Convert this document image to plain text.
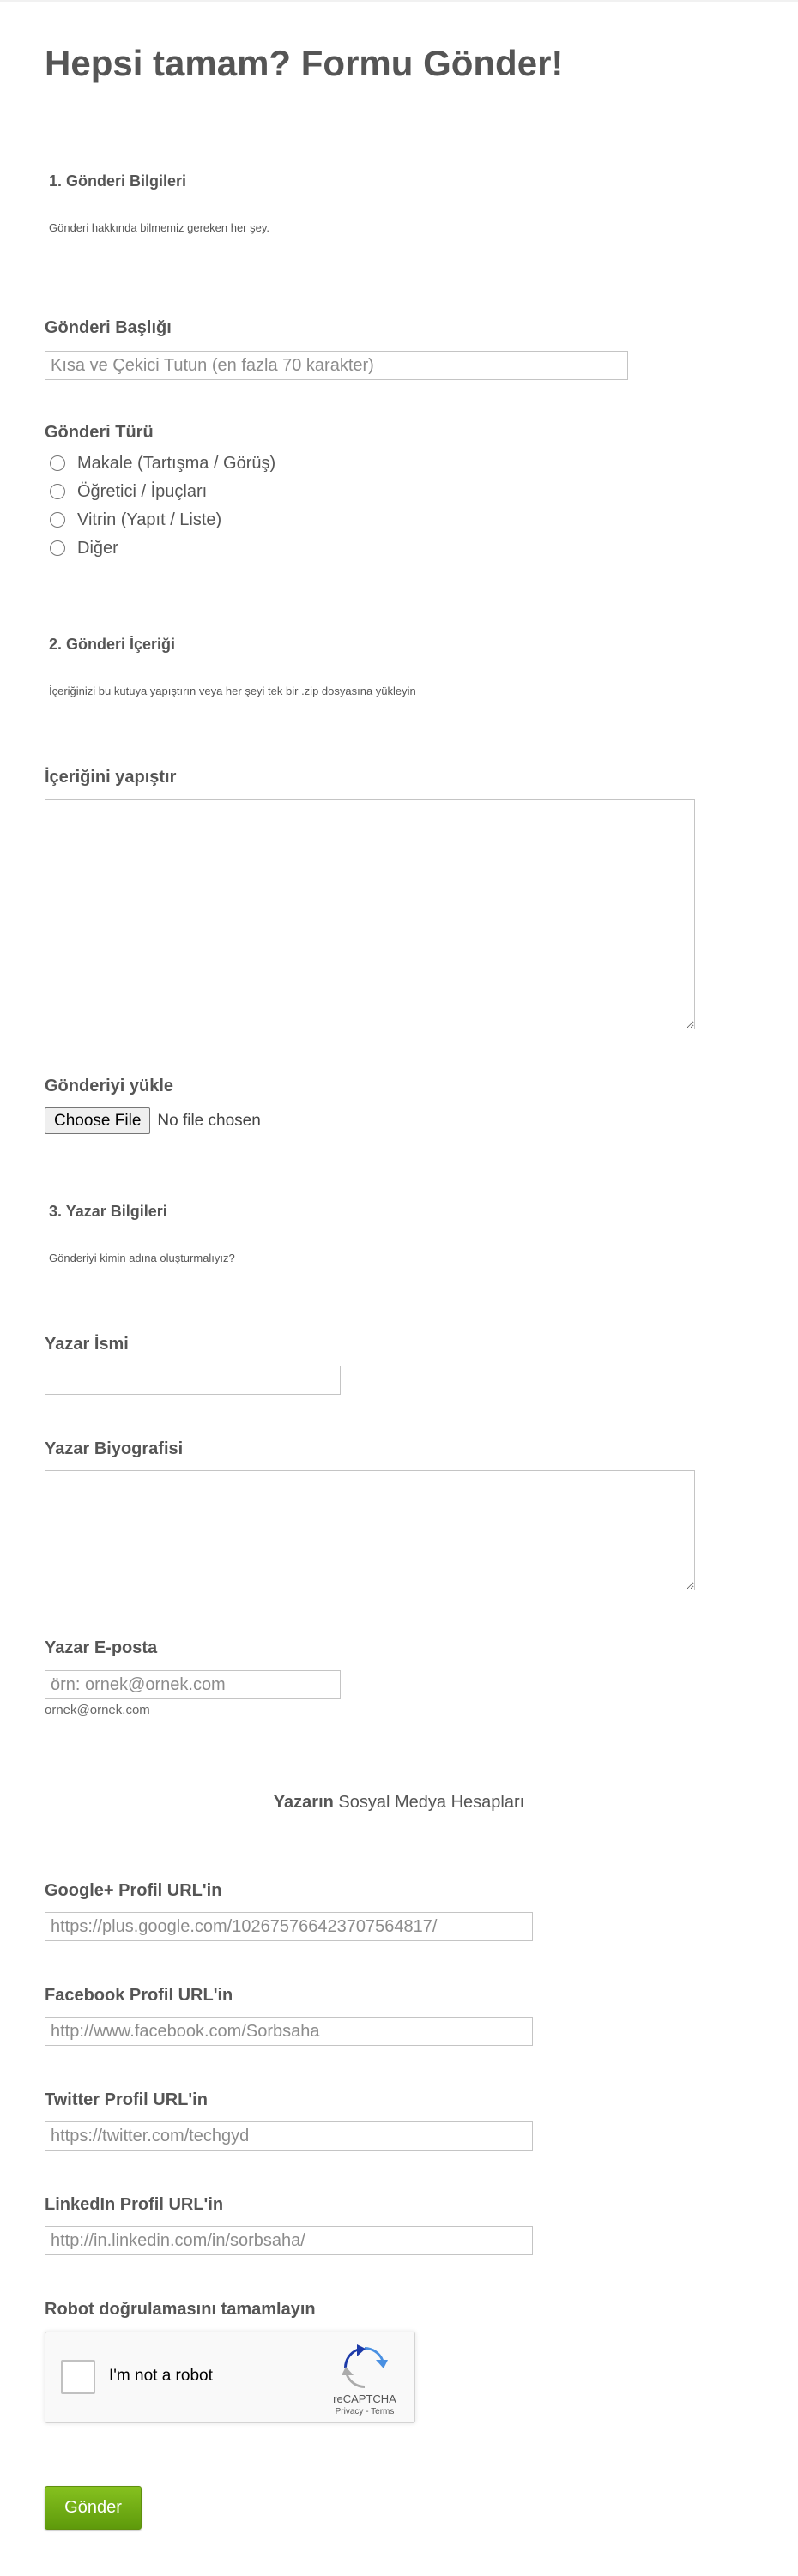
Hepsi tamam? Formu Gönder!
1. Gönderi Bilgileri
Gönderi hakkında bilmemiz gereken her şey.
Gönderi Başlığı
Kısa ve Çekici Tutun (en fazla 70 karakter)
Gönderi Türü
Makale (Tartışma / Görüş)
Öğretici / İpuçları
Vitrin (Yapıt / Liste)
Diğer
2. Gönderi İçeriği
İçeriğinizi bu kutuya yapıştırın veya her şeyi tek bir .zip dosyasına yükleyin
İçeriğini yapıştır
Gönderiyi yükle
Choose File	No file chosen
3. Yazar Bilgileri
Gönderiyi kimin adına oluşturmalıyız?
Yazar İsmi
Yazar Biyografisi
Yazar E-posta
örn: ornek@ornek.com
ornek@ornek.com
Yazarın Sosyal Medya Hesapları
Google+ Profil URL'in
https://plus.google.com/102675766423707564817/
Facebook Profil URL'in
http://www.facebook.com/Sorbsaha
Twitter Profil URL'in
https://twitter.com/techgyd
LinkedIn Profil URL'in
http://in.linkedin.com/in/sorbsaha/
Robot doğrulamasını tamamlayın
I'm not a robot
reCAPTCHA
Privacy - Terms
Gönder
